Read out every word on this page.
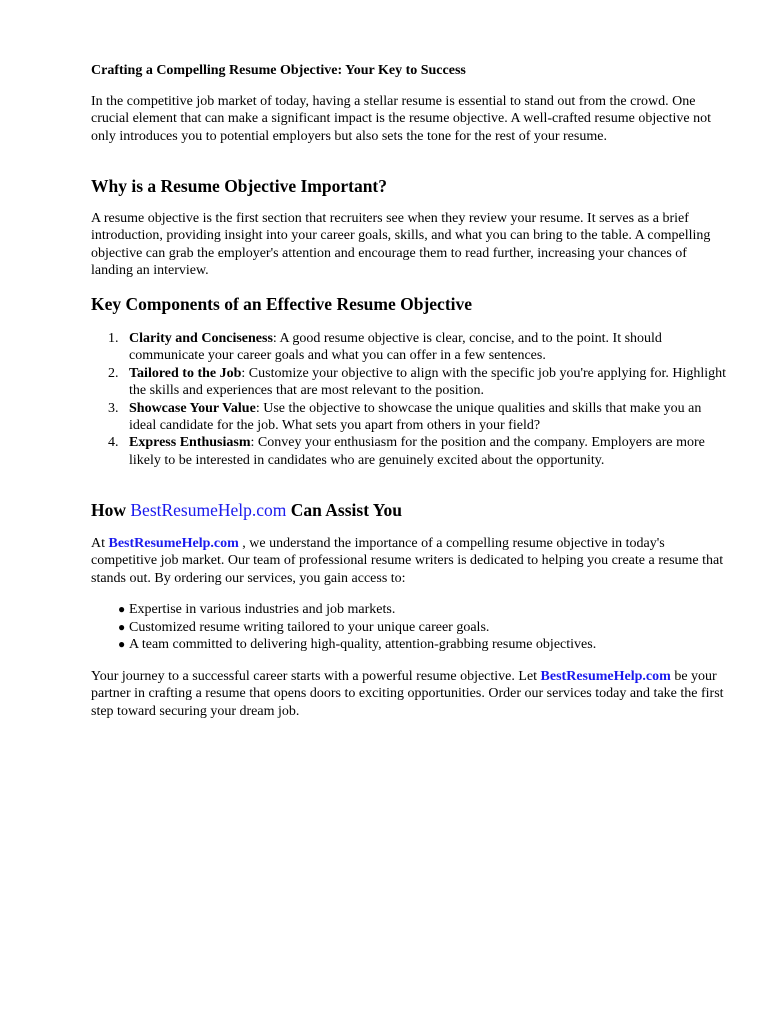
Crafting a Compelling Resume Objective: Your Key to Success

In the competitive job market of today, having a stellar resume is essential to stand out from the crowd. One crucial element that can make a significant impact is the resume objective. A well-crafted resume objective not only introduces you to potential employers but also sets the tone for the rest of your resume.

Why is a Resume Objective Important?

A resume objective is the first section that recruiters see when they review your resume. It serves as a brief introduction, providing insight into your career goals, skills, and what you can bring to the table. A compelling objective can grab the employer's attention and encourage them to read further, increasing your chances of landing an interview.

Key Components of an Effective Resume Objective
1. Clarity and Conciseness: A good resume objective is clear, concise, and to the point. It should communicate your career goals and what you can offer in a few sentences.
2. Tailored to the Job: Customize your objective to align with the specific job you're applying for. Highlight the skills and experiences that are most relevant to the position.
3. Showcase Your Value: Use the objective to showcase the unique qualities and skills that make you an ideal candidate for the job. What sets you apart from others in your field?
4. Express Enthusiasm: Convey your enthusiasm for the position and the company. Employers are more likely to be interested in candidates who are genuinely excited about the opportunity.
How BestResumeHelp.com Can Assist You

At BestResumeHelp.com , we understand the importance of a compelling resume objective in today's competitive job market. Our team of professional resume writers is dedicated to helping you create a resume that stands out. By ordering our services, you gain access to:

● Expertise in various industries and job markets.
● Customized resume writing tailored to your unique career goals.
● A team committed to delivering high-quality, attention-grabbing resume objectives.

Your journey to a successful career starts with a powerful resume objective. Let BestResumeHelp.com be your partner in crafting a resume that opens doors to exciting opportunities. Order our services today and take the first step toward securing your dream job.
